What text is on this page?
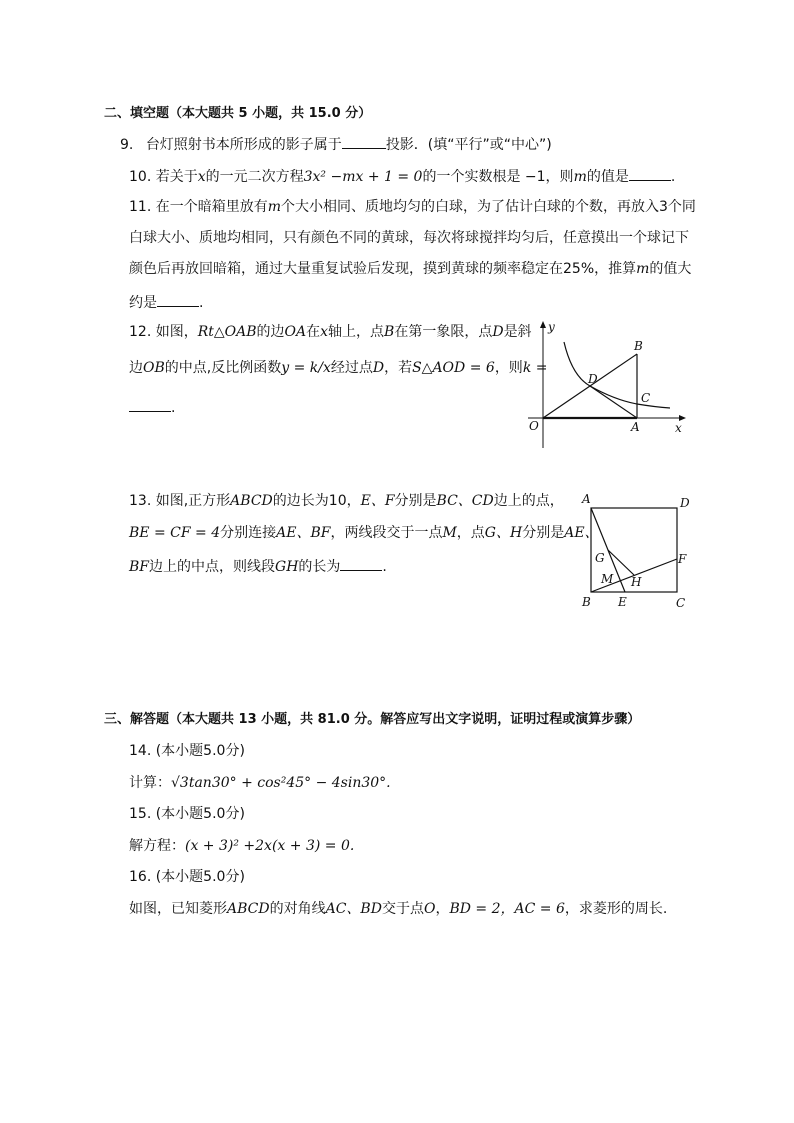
二、填空题（本大题共 5 小题，共 15.0 分）
9. 台灯照射书本所形成的影子属于	投影．(填“平行”或“中心”)
10. 若关于x的一元二次方程3x² −mx + 1 = 0的一个实数根是 −1，则m的值是	.
11. 在一个暗箱里放有m个大小相同、质地均匀的白球，为了估计白球的个数，再放入3个同
白球大小、质地均相同，只有颜色不同的黄球，每次将球搅拌均匀后，任意摸出一个球记下
颜色后再放回暗箱，通过大量重复试验后发现，摸到黄球的频率稳定在25%，推算m的值大
约是	.
12. 如图，Rt△OAB的边OA在x轴上，点B在第一象限，点D是斜
边OB的中点,反比例函数y = k/x经过点D，若S△AOD = 6，则k =
.
y
x
O	A
B
C
D
13. 如图,正方形ABCD的边长为10，E、F分别是BC、CD边上的点，
BE = CF = 4分别连接AE、BF，两线段交于一点M，点G、H分别是AE、
BF边上的中点，则线段GH的长为	.
A	D
B	C
E
F
G
H
M
三、解答题（本大题共 13 小题，共 81.0 分。解答应写出文字说明，证明过程或演算步骤）
14. (本小题5.0分)
计算：√3tan30° + cos²45° − 4sin30°.
15. (本小题5.0分)
解方程：(x + 3)² +2x(x + 3) = 0.
16. (本小题5.0分)
如图，已知菱形ABCD的对角线AC、BD交于点O，BD = 2，AC = 6，求菱形的周长.
